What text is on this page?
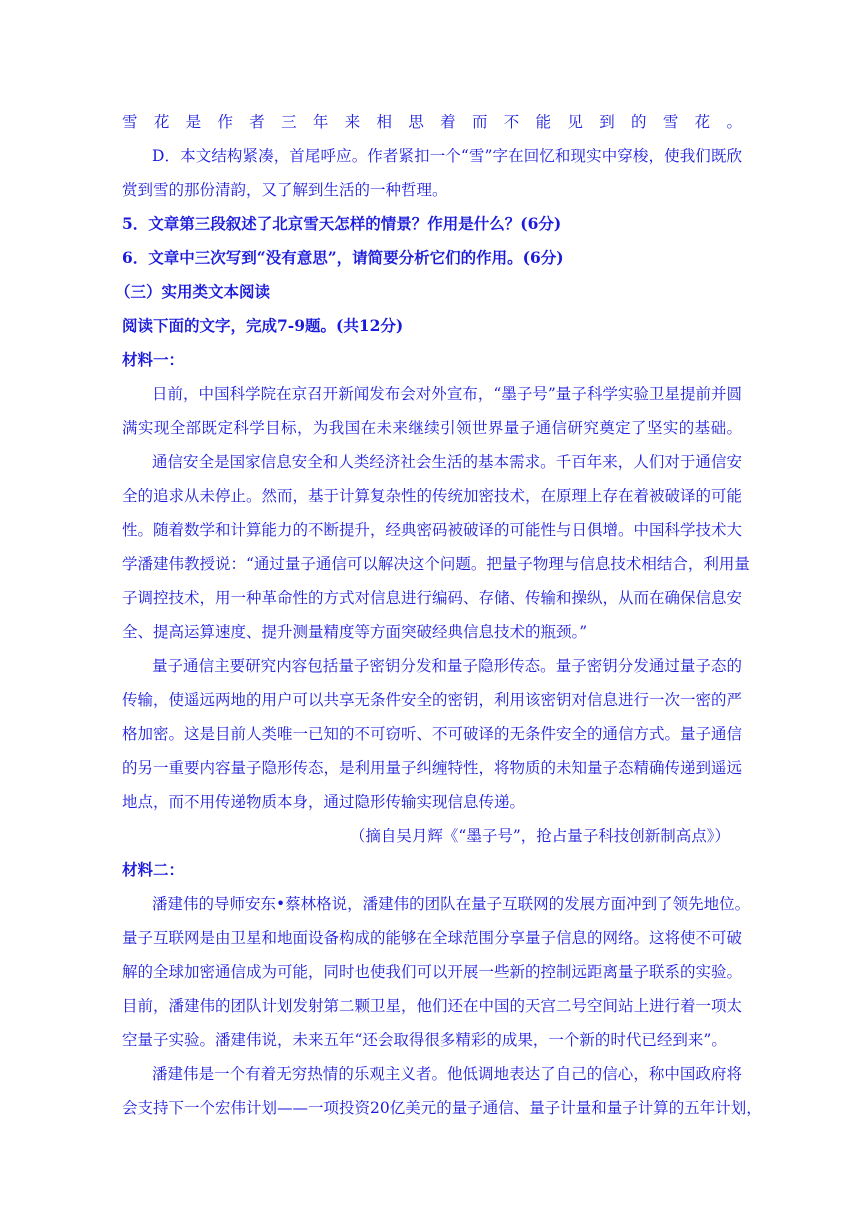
雪花是作者三年来相思着而不能见到的雪花。
D．本文结构紧凑，首尾呼应。作者紧扣一个“雪”字在回忆和现实中穿梭，使我们既欣
赏到雪的那份清韵，又了解到生活的一种哲理。
5．文章第三段叙述了北京雪天怎样的情景？作用是什么？(6分)
6．文章中三次写到“没有意思”，请简要分析它们的作用。(6分)
（三）实用类文本阅读
阅读下面的文字，完成7-9题。(共12分)
材料一：
日前，中国科学院在京召开新闻发布会对外宣布，“墨子号”量子科学实验卫星提前并圆
满实现全部既定科学目标，为我国在未来继续引领世界量子通信研究奠定了坚实的基础。
通信安全是国家信息安全和人类经济社会生活的基本需求。千百年来，人们对于通信安
全的追求从未停止。然而，基于计算复杂性的传统加密技术，在原理上存在着被破译的可能
性。随着数学和计算能力的不断提升，经典密码被破译的可能性与日俱增。中国科学技术大
学潘建伟教授说：“通过量子通信可以解决这个问题。把量子物理与信息技术相结合，利用量
子调控技术，用一种革命性的方式对信息进行编码、存储、传输和操纵，从而在确保信息安
全、提高运算速度、提升测量精度等方面突破经典信息技术的瓶颈。”
量子通信主要研究内容包括量子密钥分发和量子隐形传态。量子密钥分发通过量子态的
传输，使遥远两地的用户可以共享无条件安全的密钥，利用该密钥对信息进行一次一密的严
格加密。这是目前人类唯一已知的不可窃听、不可破译的无条件安全的通信方式。量子通信
的另一重要内容量子隐形传态，是利用量子纠缠特性，将物质的未知量子态精确传递到遥远
地点，而不用传递物质本身，通过隐形传输实现信息传递。
（摘自吴月辉《“墨子号”，抢占量子科技创新制高点》）
材料二：
潘建伟的导师安东•蔡林格说，潘建伟的团队在量子互联网的发展方面冲到了领先地位。
量子互联网是由卫星和地面设备构成的能够在全球范围分享量子信息的网络。这将使不可破
解的全球加密通信成为可能，同时也使我们可以开展一些新的控制远距离量子联系的实验。
目前，潘建伟的团队计划发射第二颗卫星，他们还在中国的天宫二号空间站上进行着一项太
空量子实验。潘建伟说，未来五年“还会取得很多精彩的成果，一个新的时代已经到来”。
潘建伟是一个有着无穷热情的乐观主义者。他低调地表达了自己的信心，称中国政府将
会支持下一个宏伟计划——一项投资20亿美元的量子通信、量子计量和量子计算的五年计划，
